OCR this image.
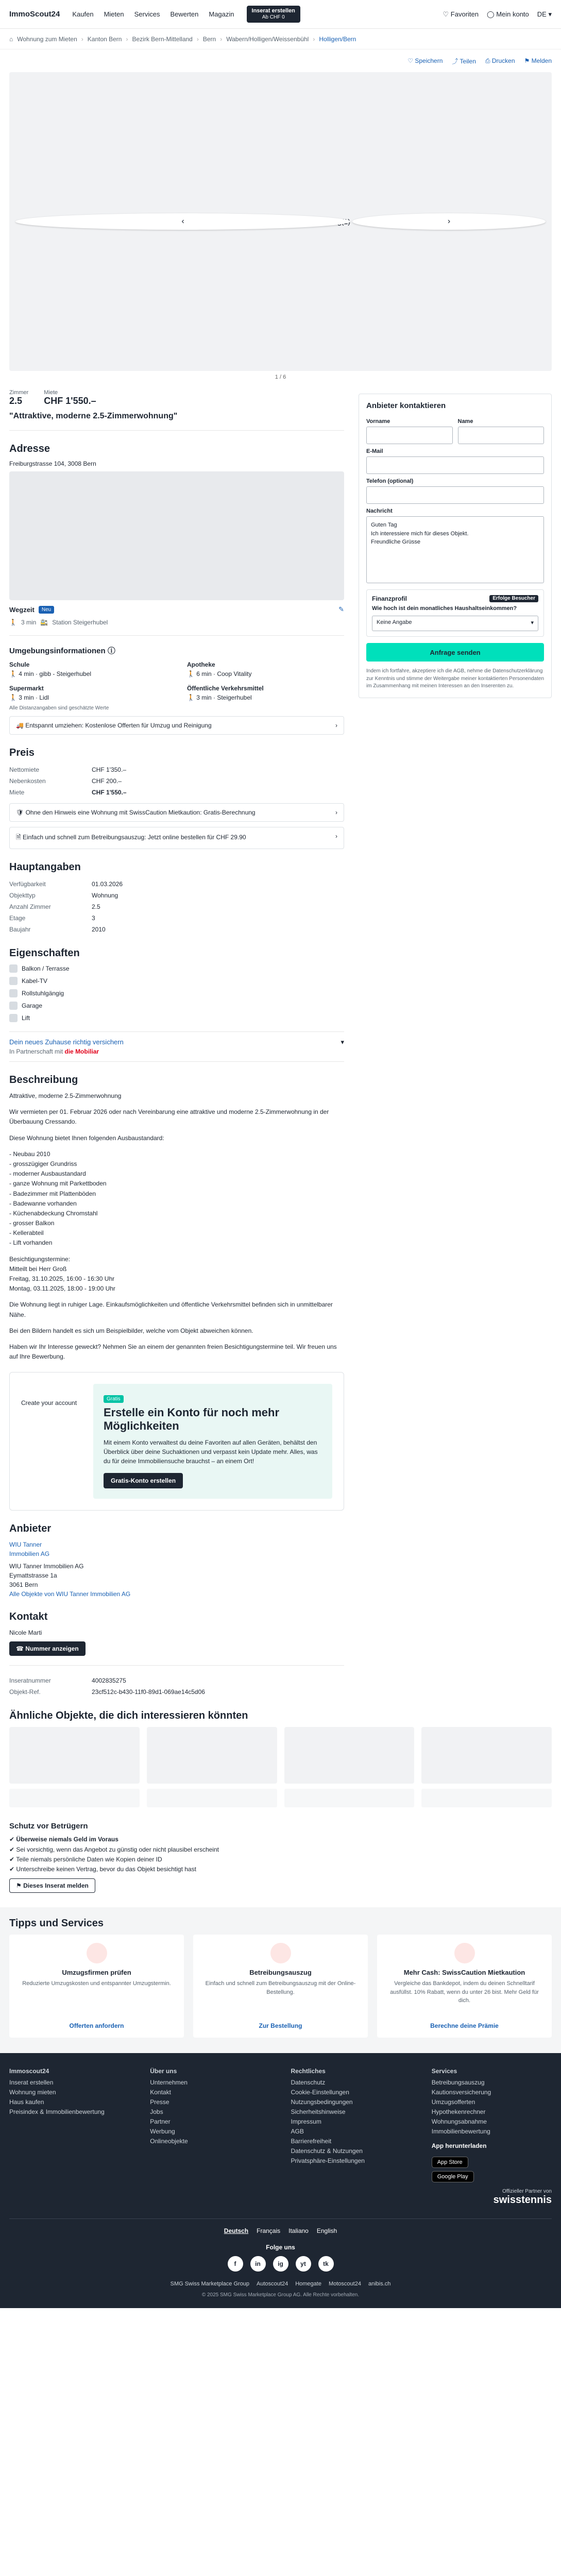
ImmoScout24 Kaufen Mieten Services Bewerten Magazin	Inserat erstellen
Ab CHF 0	♡ Favoriten ◯ Mein konto DE ▾
⌂ Wohnung zum Mieten › Kanton Bern › Bezirk Bern-Mittelland › Bern › Wabern/Holligen/Weissenbühl › Holligen/Bern
♡ Speichern ⤴ Teilen ⎙ Drucken ⚑ Melden
‹	›
1 / 6
Zimmer
2.5
Miete
CHF 1'550.–
"Attraktive, moderne 2.5-Zimmerwohnung"
Adresse
Freiburgstrasse 104, 3008 Bern
Wegzeit	Neu	✎
🚶 3 min 🚉 Station Steigerhubel
Umgebungsinformationen ⓘ
Schule
🚶 4 min · gibb - Steigerhubel
Apotheke
🚶 6 min · Coop Vitality
Supermarkt
🚶 3 min · Lidl
Öffentliche Verkehrsmittel
🚶 3 min · Steigerhubel
Alle Distanzangaben sind geschätzte Werte
🚚 Entspannt umziehen: Kostenlose Offerten für Umzug und Reinigung	›
Preis
Nettomiete	CHF 1'350.–
Nebenkosten	CHF 200.–
Miete	CHF 1'550.–
🛡 Ohne den Hinweis eine Wohnung mit SwissCaution Mietkaution: Gratis-Berechnung	›
🗎 Einfach und schnell zum Betreibungsauszug: Jetzt online bestellen für CHF 29.90	›
Hauptangaben
Verfügbarkeit	01.03.2026
Objekttyp	Wohnung
Anzahl Zimmer	2.5
Etage	3
Baujahr	2010
Eigenschaften
Balkon / Terrasse
Kabel-TV
Rollstuhlgängig
Garage
Lift
Dein neues Zuhause richtig versichern
In Partnerschaft mit die Mobiliar
▾
Beschreibung

Attraktive, moderne 2.5-Zimmerwohnung

Wir vermieten per 01. Februar 2026 oder nach Vereinbarung eine attraktive und moderne 2.5-Zimmerwohnung in der Überbauung Cressando.

Diese Wohnung bietet Ihnen folgenden Ausbaustandard:

- Neubau 2010
- grosszügiger Grundriss
- moderner Ausbaustandard
- ganze Wohnung mit Parkettboden
- Badezimmer mit Plattenböden
- Badewanne vorhanden
- Küchenabdeckung Chromstahl
- grosser Balkon
- Kellerabteil
- Lift vorhanden
Besichtigungstermine:
Mitteilt bei Herr Groß
Freitag, 31.10.2025, 16:00 - 16:30 Uhr
Montag, 03.11.2025, 18:00 - 19:00 Uhr

Die Wohnung liegt in ruhiger Lage. Einkaufsmöglichkeiten und öffentliche Verkehrsmittel befinden sich in unmittelbarer Nähe.

Bei den Bildern handelt es sich um Beispielbilder, welche vom Objekt abweichen können.

Haben wir Ihr Interesse geweckt? Nehmen Sie an einem der genannten freien Besichtigungstermine teil. Wir freuen uns auf Ihre Bewerbung.

Create your account
Gratis
Erstelle ein Konto für noch mehr Möglichkeiten

Mit einem Konto verwaltest du deine Favoriten auf allen Geräten, behältst den Überblick über deine Suchaktionen und verpasst kein Update mehr. Alles, was du für deine Immobiliensuche brauchst – an einem Ort!

Gratis-Konto erstellen
Anbieter

WIU Tanner

Immobilien AG

WIU Tanner Immobilien AG

Eymattstrasse 1a

3061 Bern

Alle Objekte von WIU Tanner Immobilien AG

Kontakt

Nicole Marti

☎ Nummer anzeigen
Inseratnummer	4002835275
Objekt-Ref.	23cf512c-b430-11f0-89d1-069ae14c5d06
Anbieter kontaktieren
Vorname	Name
E-Mail
Telefon (optional)
Nachricht
Guten Tag
Ich interessiere mich für dieses Objekt.
Freundliche Grüsse
Finanzprofil	Erfolge Besucher
Wie hoch ist dein monatliches Haushaltseinkommen?
Keine Angabe	▾
Anfrage senden
Indem ich fortfahre, akzeptiere ich die AGB, nehme die Datenschutzerklärung zur Kenntnis und stimme der Weitergabe meiner kontaktierten Personendaten im Zusammenhang mit meinen Interessen an den Inserenten zu.
Ähnliche Objekte, die dich interessieren könnten
Schutz vor Betrügern
✔ Überweise niemals Geld im Voraus
✔ Sei vorsichtig, wenn das Angebot zu günstig oder nicht plausibel erscheint
✔ Teile niemals persönliche Daten wie Kopien deiner ID
✔ Unterschreibe keinen Vertrag, bevor du das Objekt besichtigt hast
⚑ Dieses Inserat melden
Tipps und Services
Umzugsfirmen prüfen
Reduzierte Umzugskosten und entspannter Umzugstermin.
Offerten anfordern
Betreibungsauszug
Einfach und schnell zum Betreibungsauszug mit der Online-Bestellung.
Zur Bestellung
Mehr Cash: SwissCaution Mietkaution
Vergleiche das Bankdepot, indem du deinen Schnelltarif ausfüllst. 10% Rabatt, wenn du unter 26 bist. Mehr Geld für dich.
Berechne deine Prämie
Immoscout24
Inserat erstellen
Wohnung mieten
Haus kaufen
Preisindex & Immobilienbewertung
Über uns
Unternehmen
Kontakt
Presse
Jobs
Partner
Werbung
Onlineobjekte
Rechtliches
Datenschutz
Cookie-Einstellungen
Nutzungsbedingungen
Sicherheitshinweise
Impressum
AGB
Barrierefreiheit
Datenschutz & Nutzungen
Privatsphäre-Einstellungen
Services
Betreibungsauszug
Kautionsversicherung
Umzugsofferten
Hypothekenrechner
Wohnungsabnahme
Immobilienbewertung
App herunterladen
App Store
Google Play
Offizieller Partner von
swisstennis
Deutsch Français Italiano English
Folge uns
f	in	ig	yt	tk
SMG Swiss Marketplace Group Autoscout24 Homegate Motoscout24 anibis.ch
© 2025 SMG Swiss Marketplace Group AG. Alle Rechte vorbehalten.
